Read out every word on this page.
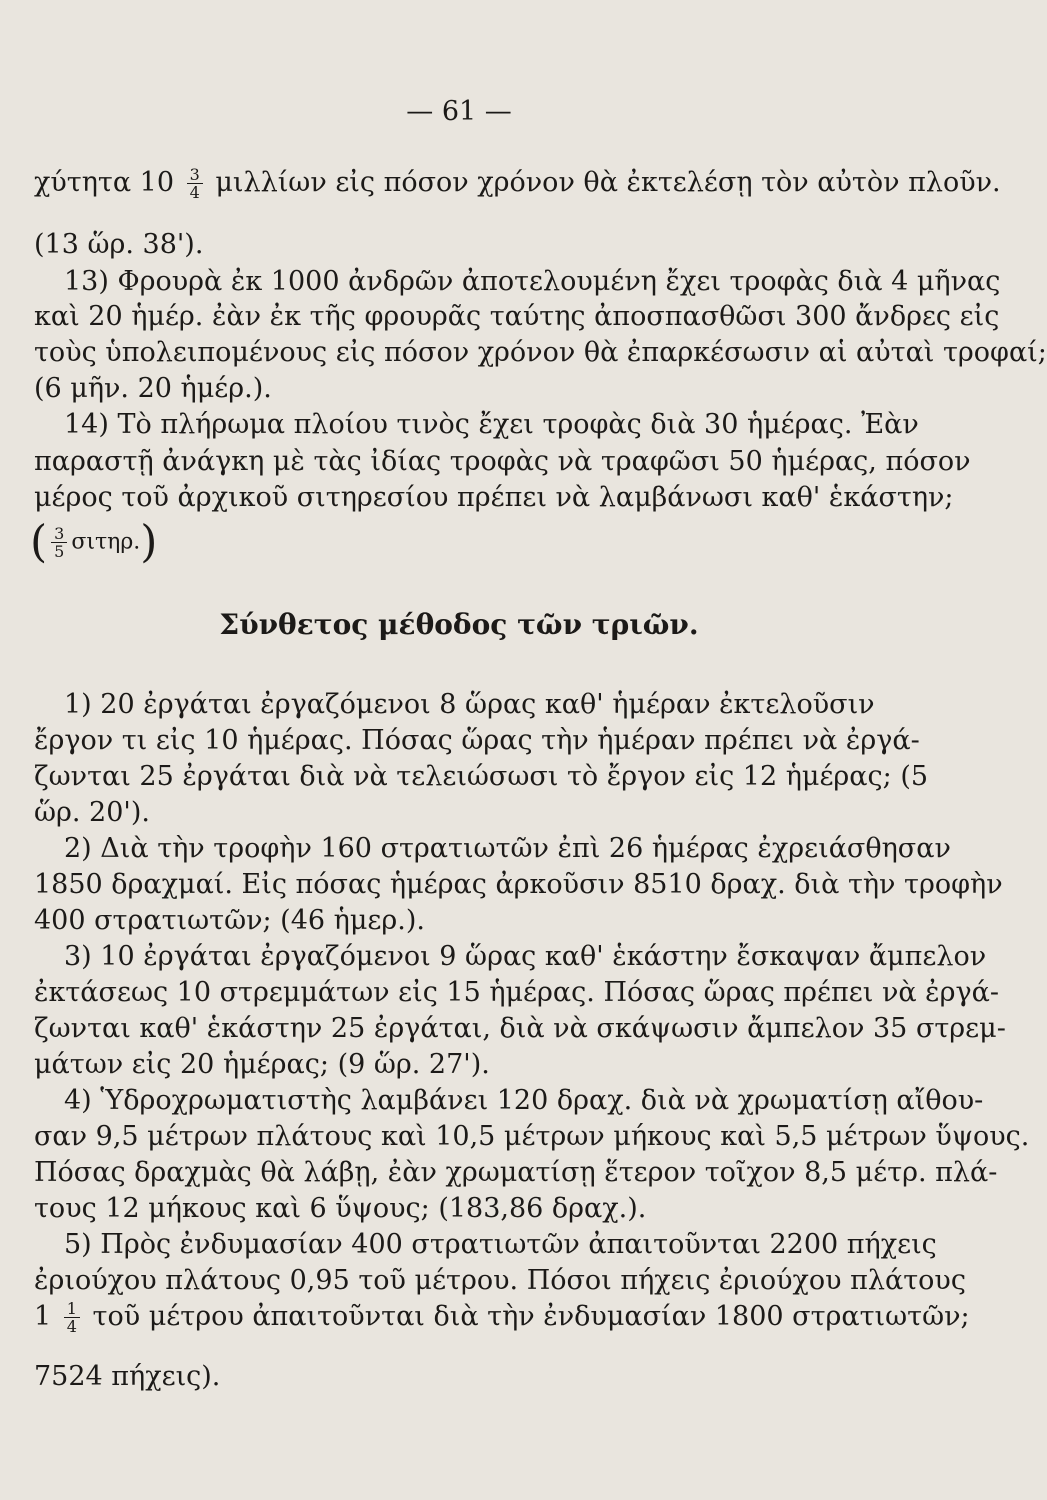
— 61 —
χύτητα $10 \frac{3}{4}$ μιλλίων εἰς πόσον χρόνον θὰ ἐκτελέσῃ τὸν αὐτὸν πλοῦν.
(13 ὥρ. 38').
13) Φρουρὰ ἐκ 1000 ἀνδρῶν ἀποτελουμένη ἔχει τροφὰς διὰ 4 μῆνας
καὶ 20 ἡμέρ. ἐὰν ἐκ τῆς φρουρᾶς ταύτης ἀποσπασθῶσι 300 ἄνδρες εἰς
τοὺς ὑπολειπομένους εἰς πόσον χρόνον θὰ ἐπαρκέσωσιν αἱ αὐταὶ τροφαί;
(6 μῆν. 20 ἡμέρ.).
14) Τὸ πλήρωμα πλοίου τινὸς ἔχει τροφὰς διὰ 30 ἡμέρας. Ἐὰν
παραστῇ ἀνάγκη μὲ τὰς ἰδίας τροφὰς νὰ τραφῶσι 50 ἡμέρας, πόσον
μέρος τοῦ ἀρχικοῦ σιτηρεσίου πρέπει νὰ λαμβάνωσι καθ' ἑκάστην;
( $\frac{3}{5} \sigma\iota\tau\eta\rho$.)
Σύνθετος μέθοδος τῶν τριῶν.
1) 20 ἐργάται ἐργαζόμενοι 8 ὥρας καθ' ἡμέραν ἐκτελοῦσιν
ἔργον τι εἰς 10 ἡμέρας. Πόσας ὥρας τὴν ἡμέραν πρέπει νὰ ἐργά-
ζωνται 25 ἐργάται διὰ νὰ τελειώσωσι τὸ ἔργον εἰς 12 ἡμέρας; (5
ὥρ. 20').
2) Διὰ τὴν τροφὴν 160 στρατιωτῶν ἐπὶ 26 ἡμέρας ἐχρειάσθησαν
1850 δραχμαί. Εἰς πόσας ἡμέρας ἀρκοῦσιν 8510 δραχ. διὰ τὴν τροφὴν
400 στρατιωτῶν; (46 ἡμερ.).
3) 10 ἐργάται ἐργαζόμενοι 9 ὥρας καθ' ἑκάστην ἔσκαψαν ἄμπελον
ἐκτάσεως 10 στρεμμάτων εἰς 15 ἡμέρας. Πόσας ὥρας πρέπει νὰ ἐργά-
ζωνται καθ' ἑκάστην 25 ἐργάται, διὰ νὰ σκάψωσιν ἄμπελον 35 στρεμ-
μάτων εἰς 20 ἡμέρας; (9 ὥρ. 27').
4) Ὑδροχρωματιστὴς λαμβάνει 120 δραχ. διὰ νὰ χρωματίσῃ αἴθου-
σαν 9,5 μέτρων πλάτους καὶ 10,5 μέτρων μήκους καὶ 5,5 μέτρων ὕψους.
Πόσας δραχμὰς θὰ λάβῃ, ἐὰν χρωματίσῃ ἕτερον τοῖχον 8,5 μέτρ. πλά-
τους 12 μήκους καὶ 6 ὕψους; (183,86 δραχ.).
5) Πρὸς ἐνδυμασίαν 400 στρατιωτῶν ἀπαιτοῦνται 2200 πήχεις
ἐριούχου πλάτους 0,95 τοῦ μέτρου. Πόσοι πήχεις ἐριούχου πλάτους
$1 \frac{1}{4}$ τοῦ μέτρου ἀπαιτοῦνται διὰ τὴν ἐνδυμασίαν 1800 στρατιωτῶν;
7524 πήχεις).
